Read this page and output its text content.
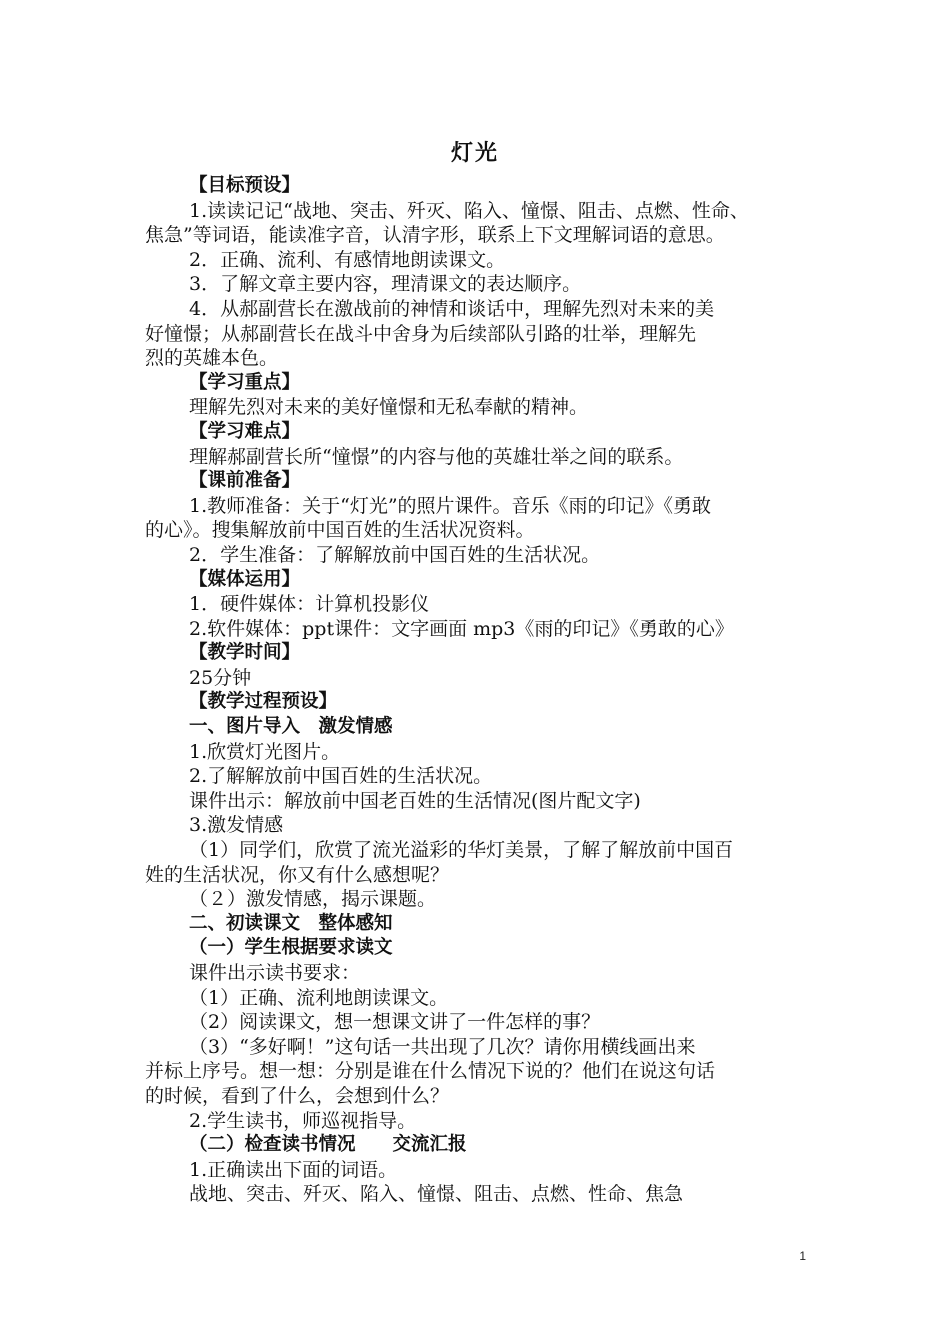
灯光
【目标预设】
1.读读记记“战地、突击、歼灭、陷入、憧憬、阻击、点燃、性命、
焦急”等词语，能读准字音，认清字形，联系上下文理解词语的意思。
2．正确、流利、有感情地朗读课文。
3．了解文章主要内容，理清课文的表达顺序。
4．从郝副营长在激战前的神情和谈话中，理解先烈对未来的美
好憧憬；从郝副营长在战斗中舍身为后续部队引路的壮举，理解先
烈的英雄本色。
【学习重点】
理解先烈对未来的美好憧憬和无私奉献的精神。
【学习难点】
理解郝副营长所“憧憬”的内容与他的英雄壮举之间的联系。
【课前准备】
1.教师准备：关于“灯光”的照片课件。音乐《雨的印记》《勇敢
的心》。搜集解放前中国百姓的生活状况资料。
2．学生准备：了解解放前中国百姓的生活状况。
【媒体运用】
1．硬件媒体：计算机投影仪
2.软件媒体：ppt课件：文字画面 mp3《雨的印记》《勇敢的心》
【教学时间】
25分钟
【教学过程预设】
一、图片导入　激发情感
1.欣赏灯光图片。
2.了解解放前中国百姓的生活状况。
课件出示：解放前中国老百姓的生活情况(图片配文字)
3.激发情感
（1）同学们，欣赏了流光溢彩的华灯美景，了解了解放前中国百
姓的生活状况，你又有什么感想呢？
（２）激发情感，揭示课题。
二、初读课文　整体感知
（一）学生根据要求读文
课件出示读书要求：
（1）正确、流利地朗读课文。
（2）阅读课文，想一想课文讲了一件怎样的事？
（3）“多好啊！”这句话一共出现了几次？请你用横线画出来
并标上序号。想一想：分别是谁在什么情况下说的？他们在说这句话
的时候，看到了什么，会想到什么？
2.学生读书，师巡视指导。
（二）检查读书情况　　交流汇报
1.正确读出下面的词语。
战地、突击、歼灭、陷入、憧憬、阻击、点燃、性命、焦急
1
